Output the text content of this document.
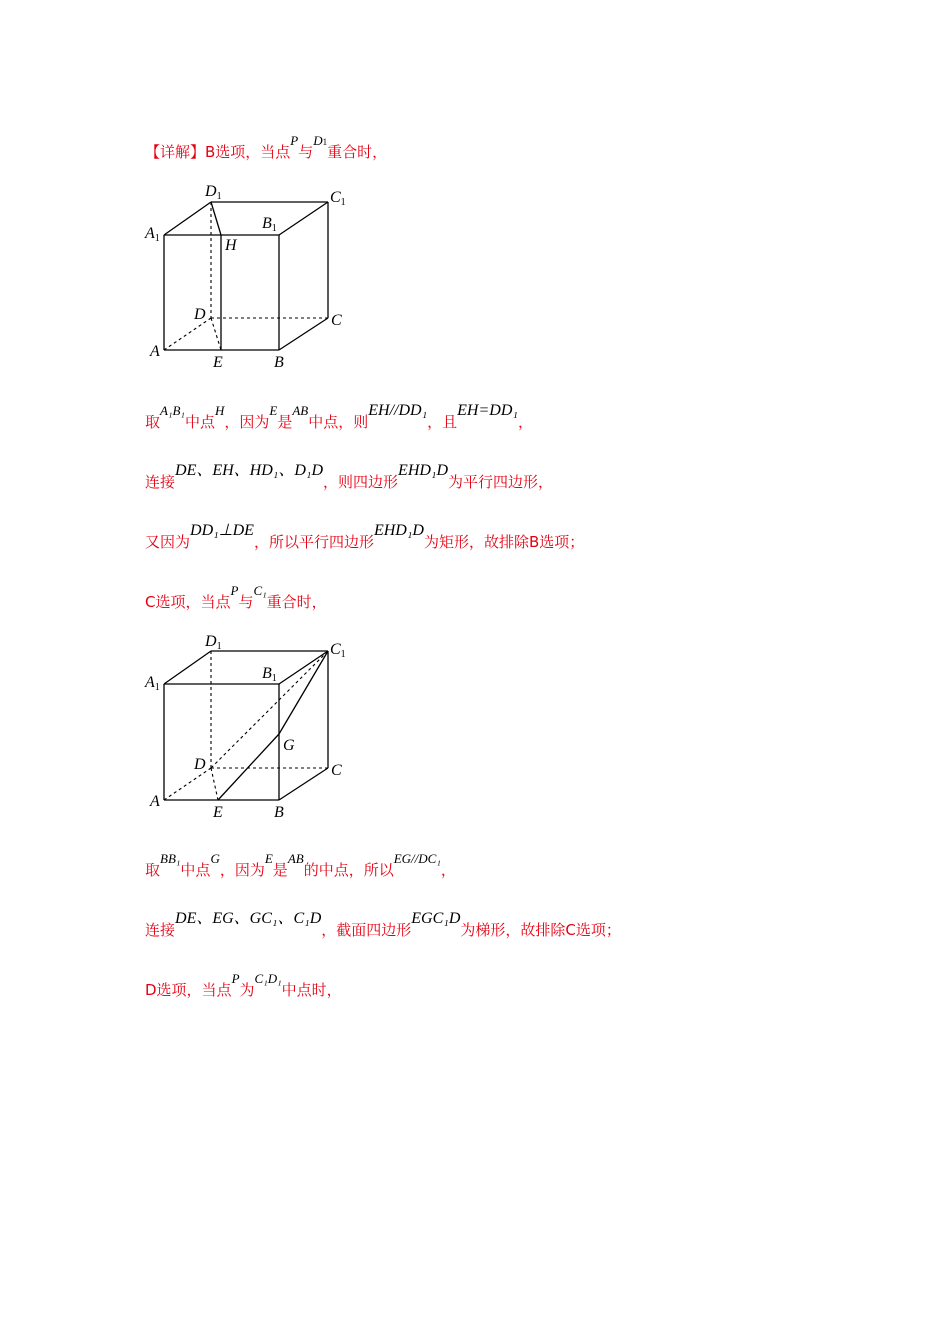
【详解】B选项，当点P与D1重合时，
D1	C1
A1
B1
H
D	C
A
E	B
取A₁B₁中点H，因为E是AB中点，则EH//DD₁，且EH=DD₁，
连接DE、EH、HD₁、D₁D，则四边形EHD₁D为平行四边形，
又因为DD₁⊥DE，所以平行四边形EHD₁D为矩形，故排除B选项；
C选项，当点P与C₁重合时，
D1	C1
A1
B1
G
D	C
A
E	B
取BB₁中点G，因为E是AB的中点，所以EG//DC₁，
连接DE、EG、GC₁、C₁D，截面四边形EGC₁D为梯形，故排除C选项；
D选项，当点P为C₁D₁中点时，
